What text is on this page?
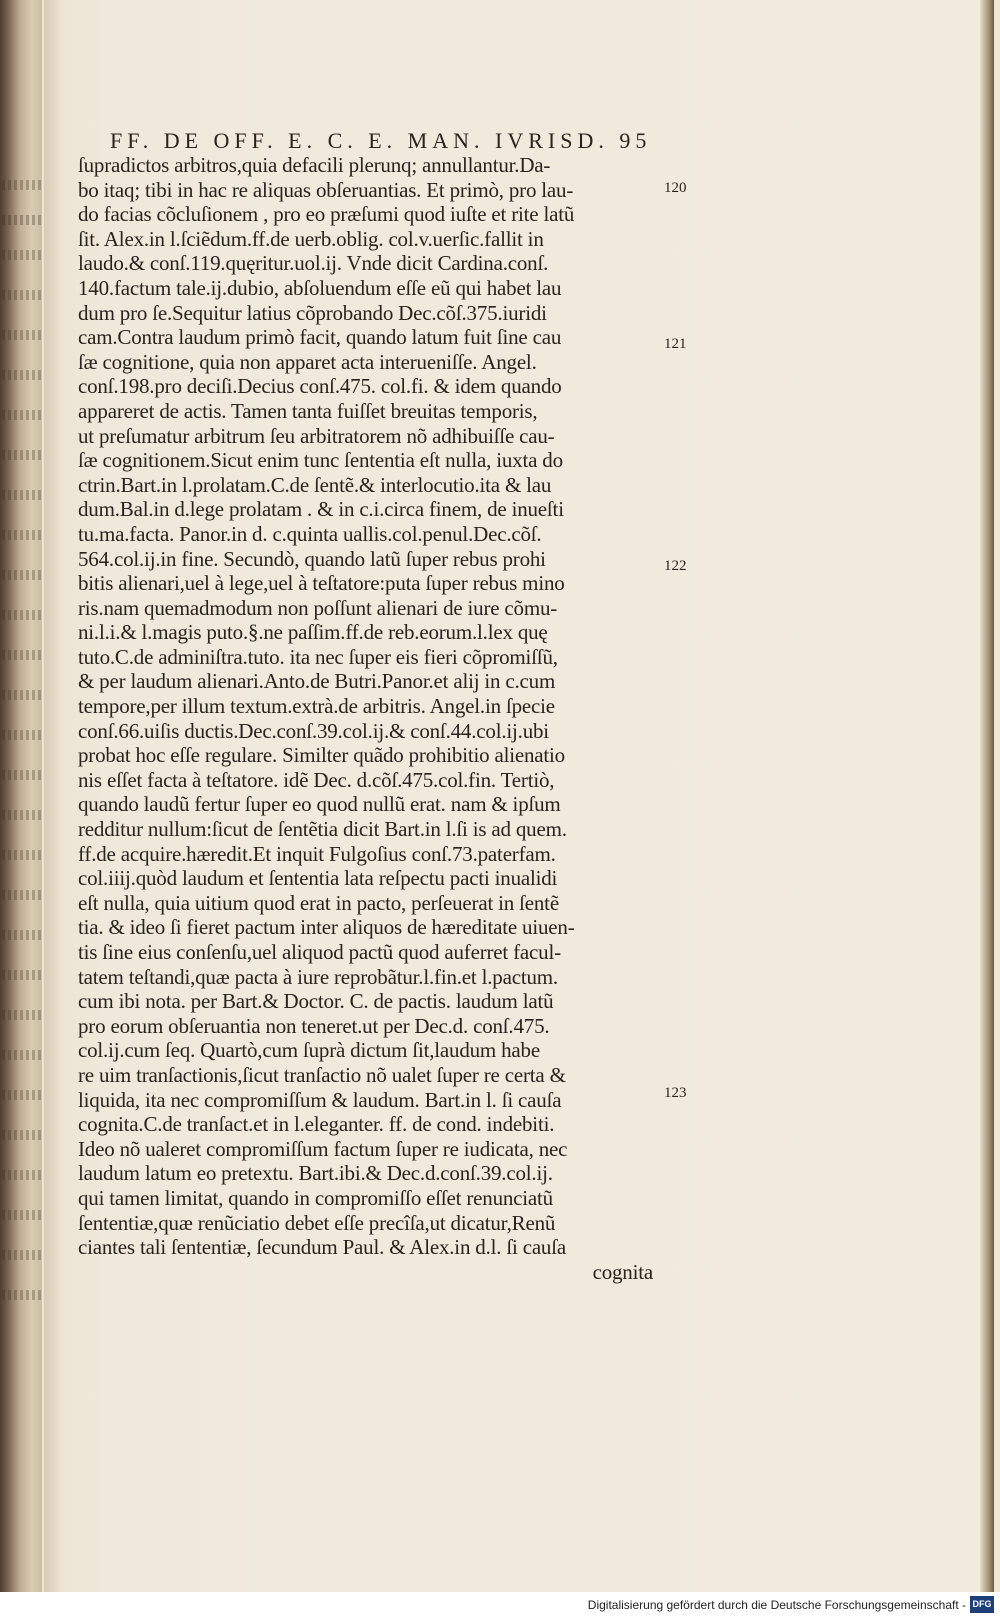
FF. DE OFF. E. C. E. MAN. IVRISD. 95
ſupradictos arbitros,quia defacili plerunq; annullantur.Da-
bo itaq; tibi in hac re aliquas obſeruantias. Et primò, pro lau-
do facias cõcluſionem , pro eo præſumi quod iuſte et rite latũ
ſit. Alex.in l.ſciẽdum.ff.de uerb.oblig. col.v.uerſic.fallit in
laudo.& conſ.119.quęritur.uol.ij. Vnde dicit Cardina.conſ.
140.factum tale.ij.dubio, abſoluendum eſſe eũ qui habet lau
dum pro ſe.Sequitur latius cõprobando Dec.cõſ.375.iuridi
cam.Contra laudum primò facit, quando latum fuit ſine cau
ſæ cognitione, quia non apparet acta interueniſſe. Angel.
conſ.198.pro deciſi.Decius conſ.475. col.fi. & idem quando
appareret de actis. Tamen tanta fuiſſet breuitas temporis,
ut preſumatur arbitrum ſeu arbitratorem nõ adhibuiſſe cau-
ſæ cognitionem.Sicut enim tunc ſententia eſt nulla, iuxta do
ctrin.Bart.in l.prolatam.C.de ſentẽ.& interlocutio.ita & lau
dum.Bal.in d.lege prolatam . & in c.i.circa finem, de inueſti
tu.ma.facta. Panor.in d. c.quinta uallis.col.penul.Dec.cõſ.
564.col.ij.in fine. Secundò, quando latũ ſuper rebus prohi
bitis alienari,uel à lege,uel à teſtatore:puta ſuper rebus mino
ris.nam quemadmodum non poſſunt alienari de iure cõmu-
ni.l.i.& l.magis puto.§.ne paſſim.ff.de reb.eorum.l.lex quę
tuto.C.de adminiſtra.tuto. ita nec ſuper eis fieri cõpromiſſũ,
& per laudum alienari.Anto.de Butri.Panor.et alij in c.cum
tempore,per illum textum.extrà.de arbitris. Angel.in ſpecie
conſ.66.uiſis ductis.Dec.conſ.39.col.ij.& conſ.44.col.ij.ubi
probat hoc eſſe regulare. Similter quãdo prohibitio alienatio
nis eſſet facta à teſtatore. idẽ Dec. d.cõſ.475.col.fin. Tertiò,
quando laudũ fertur ſuper eo quod nullũ erat. nam & ipſum
redditur nullum:ſicut de ſentẽtia dicit Bart.in l.ſi is ad quem.
ff.de acquire.hæredit.Et inquit Fulgoſius conſ.73.paterfam.
col.iiij.quòd laudum et ſententia lata reſpectu pacti inualidi
eſt nulla, quia uitium quod erat in pacto, perſeuerat in ſentẽ
tia. & ideo ſi fieret pactum inter aliquos de hæreditate uiuen-
tis ſine eius conſenſu,uel aliquod pactũ quod auferret facul-
tatem teſtandi,quæ pacta à iure reprobãtur.l.fin.et l.pactum.
cum ibi nota. per Bart.& Doctor. C. de pactis. laudum latũ
pro eorum obſeruantia non teneret.ut per Dec.d. conſ.475.
col.ij.cum ſeq. Quartò,cum ſuprà dictum ſit,laudum habe
re uim tranſactionis,ſicut tranſactio nõ ualet ſuper re certa &
liquida, ita nec compromiſſum & laudum. Bart.in l. ſi cauſa
cognita.C.de tranſact.et in l.eleganter. ff. de cond. indebiti.
Ideo nõ ualeret compromiſſum factum ſuper re iudicata, nec
laudum latum eo pretextu. Bart.ibi.& Dec.d.conſ.39.col.ij.
qui tamen limitat, quando in compromiſſo eſſet renunciatũ
ſententiæ,quæ renũciatio debet eſſe precîſa,ut dicatur,Renũ
ciantes tali ſententiæ, ſecundum Paul. & Alex.in d.l. ſi cauſa
cognita
120
121
122
123
Digitalisierung gefördert durch die Deutsche Forschungsgemeinschaft - DFG
